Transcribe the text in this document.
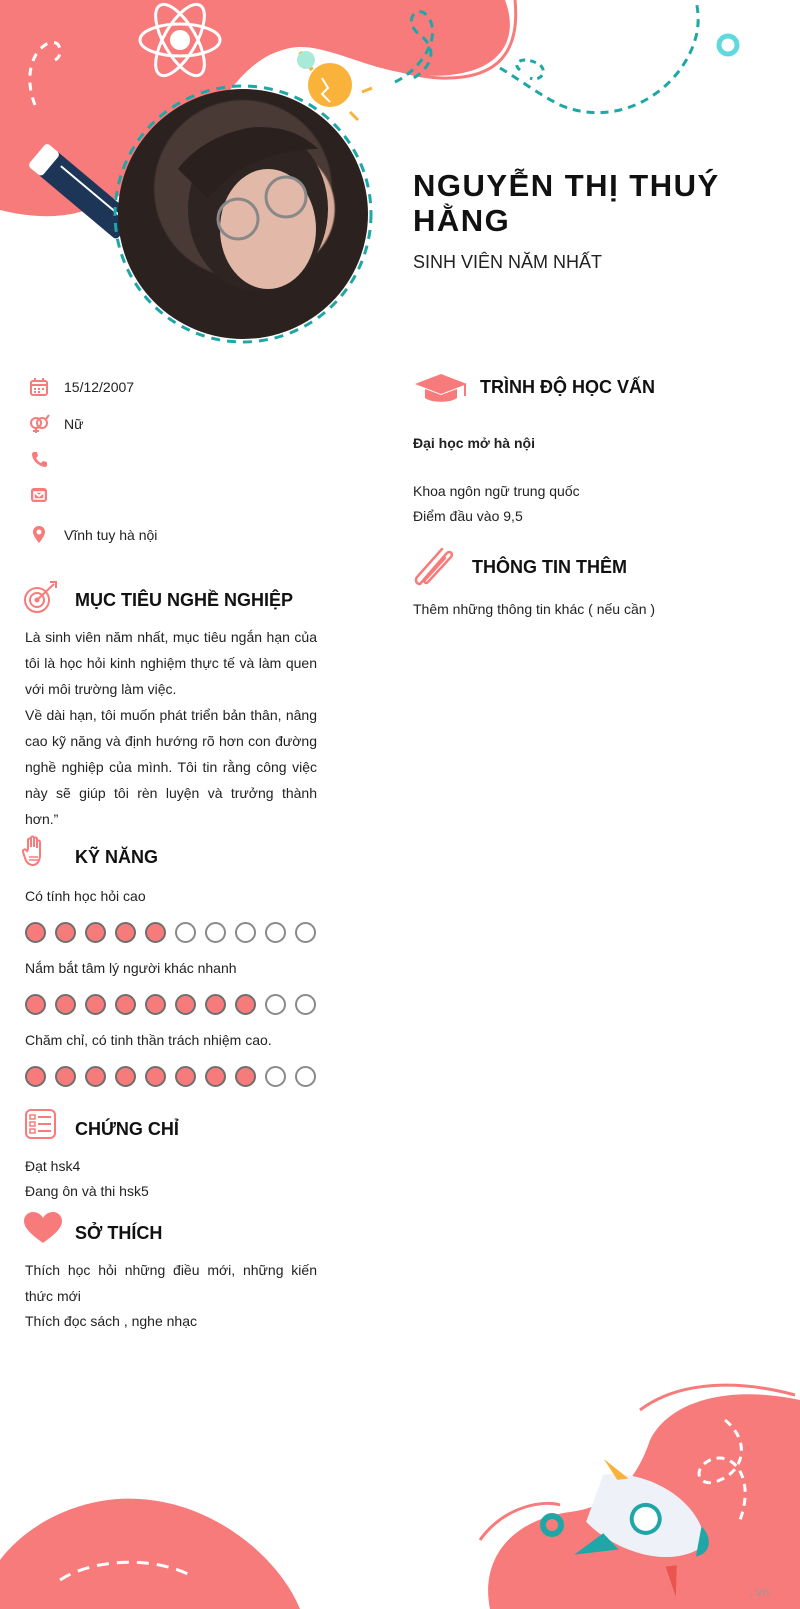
NGUYỄN THỊ THUÝ HẰNG
SINH VIÊN NĂM NHẤT
15/12/2007
Nữ
Vĩnh tuy hà nội
MỤC TIÊU NGHỀ NGHIỆP
Là sinh viên năm nhất, mục tiêu ngắn hạn của tôi là học hỏi kinh nghiệm thực tế và làm quen với môi trường làm việc.
Về dài hạn, tôi muốn phát triển bản thân, nâng cao kỹ năng và định hướng rõ hơn con đường nghề nghiệp của mình. Tôi tin rằng công việc này sẽ giúp tôi rèn luyện và trưởng thành hơn.”
KỸ NĂNG
Có tính học hỏi cao
Nắm bắt tâm lý người khác nhanh
Chăm chỉ, có tinh thần trách nhiệm cao.
CHỨNG CHỈ
Đạt hsk4
Đang ôn và thi hsk5
SỞ THÍCH
Thích học hỏi những điều mới, những kiến thức mới
Thích đọc sách , nghe nhạc
TRÌNH ĐỘ HỌC VẤN
Đại học mở hà nội
Khoa ngôn ngữ trung quốc
Điểm đầu vào 9,5
THÔNG TIN THÊM
Thêm những thông tin khác ( nếu cần )
.vn
